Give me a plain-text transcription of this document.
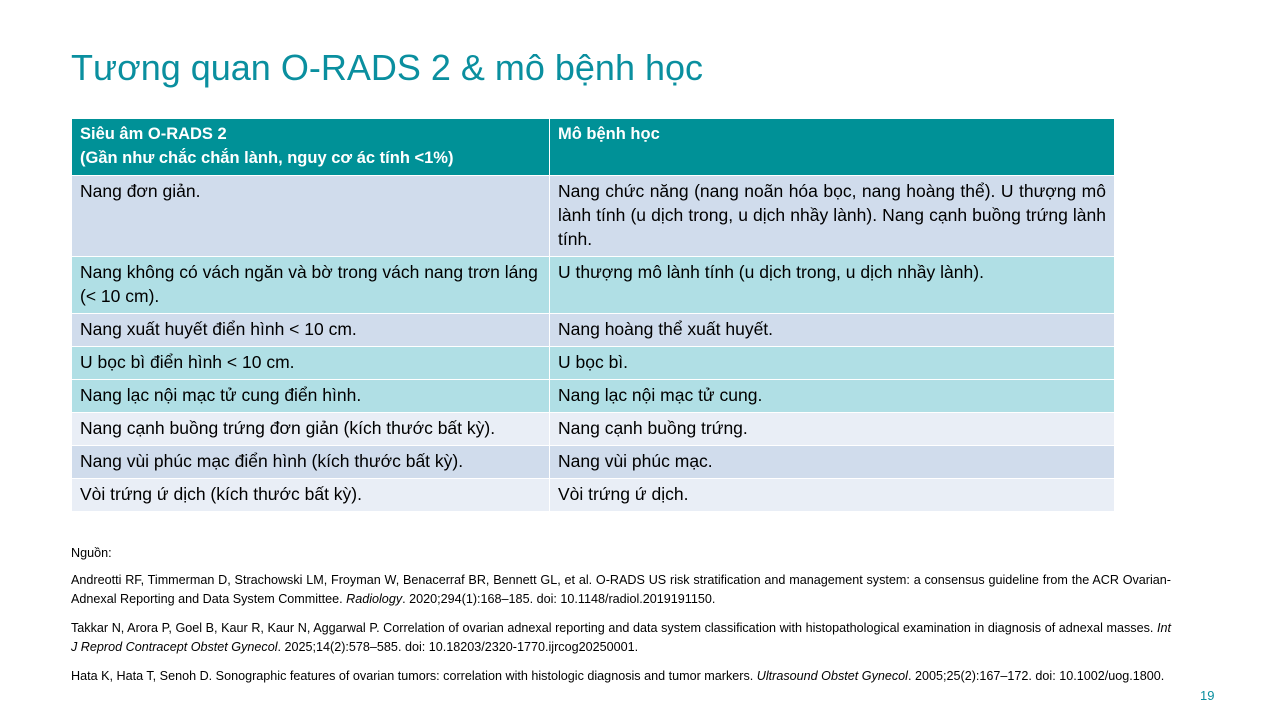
Tương quan O-RADS 2 & mô bệnh học
Siêu âm O-RADS 2
(Gần như chắc chắn lành, nguy cơ ác tính <1%)	Mô bệnh học
Nang đơn giản.	Nang chức năng (nang noãn hóa bọc, nang hoàng thể). U thượng mô lành tính (u dịch trong, u dịch nhầy lành). Nang cạnh buồng trứng lành tính.
Nang không có vách ngăn và bờ trong vách nang trơn láng (< 10 cm).	U thượng mô lành tính (u dịch trong, u dịch nhầy lành).
Nang xuất huyết điển hình < 10 cm.	Nang hoàng thể xuất huyết.
U bọc bì điển hình < 10 cm.	U bọc bì.
Nang lạc nội mạc tử cung điển hình.	Nang lạc nội mạc tử cung.
Nang cạnh buồng trứng đơn giản (kích thước bất kỳ).	Nang cạnh buồng trứng.
Nang vùi phúc mạc điển hình (kích thước bất kỳ).	Nang vùi phúc mạc.
Vòi trứng ứ dịch (kích thước bất kỳ).	Vòi trứng ứ dịch.

Nguồn:

Andreotti RF, Timmerman D, Strachowski LM, Froyman W, Benacerraf BR, Bennett GL, et al. O-RADS US risk stratification and management system: a consensus guideline from the ACR Ovarian-Adnexal Reporting and Data System Committee. Radiology. 2020;294(1):168–185. doi: 10.1148/radiol.2019191150.

Takkar N, Arora P, Goel B, Kaur R, Kaur N, Aggarwal P. Correlation of ovarian adnexal reporting and data system classification with histopathological examination in diagnosis of adnexal masses. Int J Reprod Contracept Obstet Gynecol. 2025;14(2):578–585. doi: 10.18203/2320-1770.ijrcog20250001.

Hata K, Hata T, Senoh D. Sonographic features of ovarian tumors: correlation with histologic diagnosis and tumor markers. Ultrasound Obstet Gynecol. 2005;25(2):167–172. doi: 10.1002/uog.1800.

19
